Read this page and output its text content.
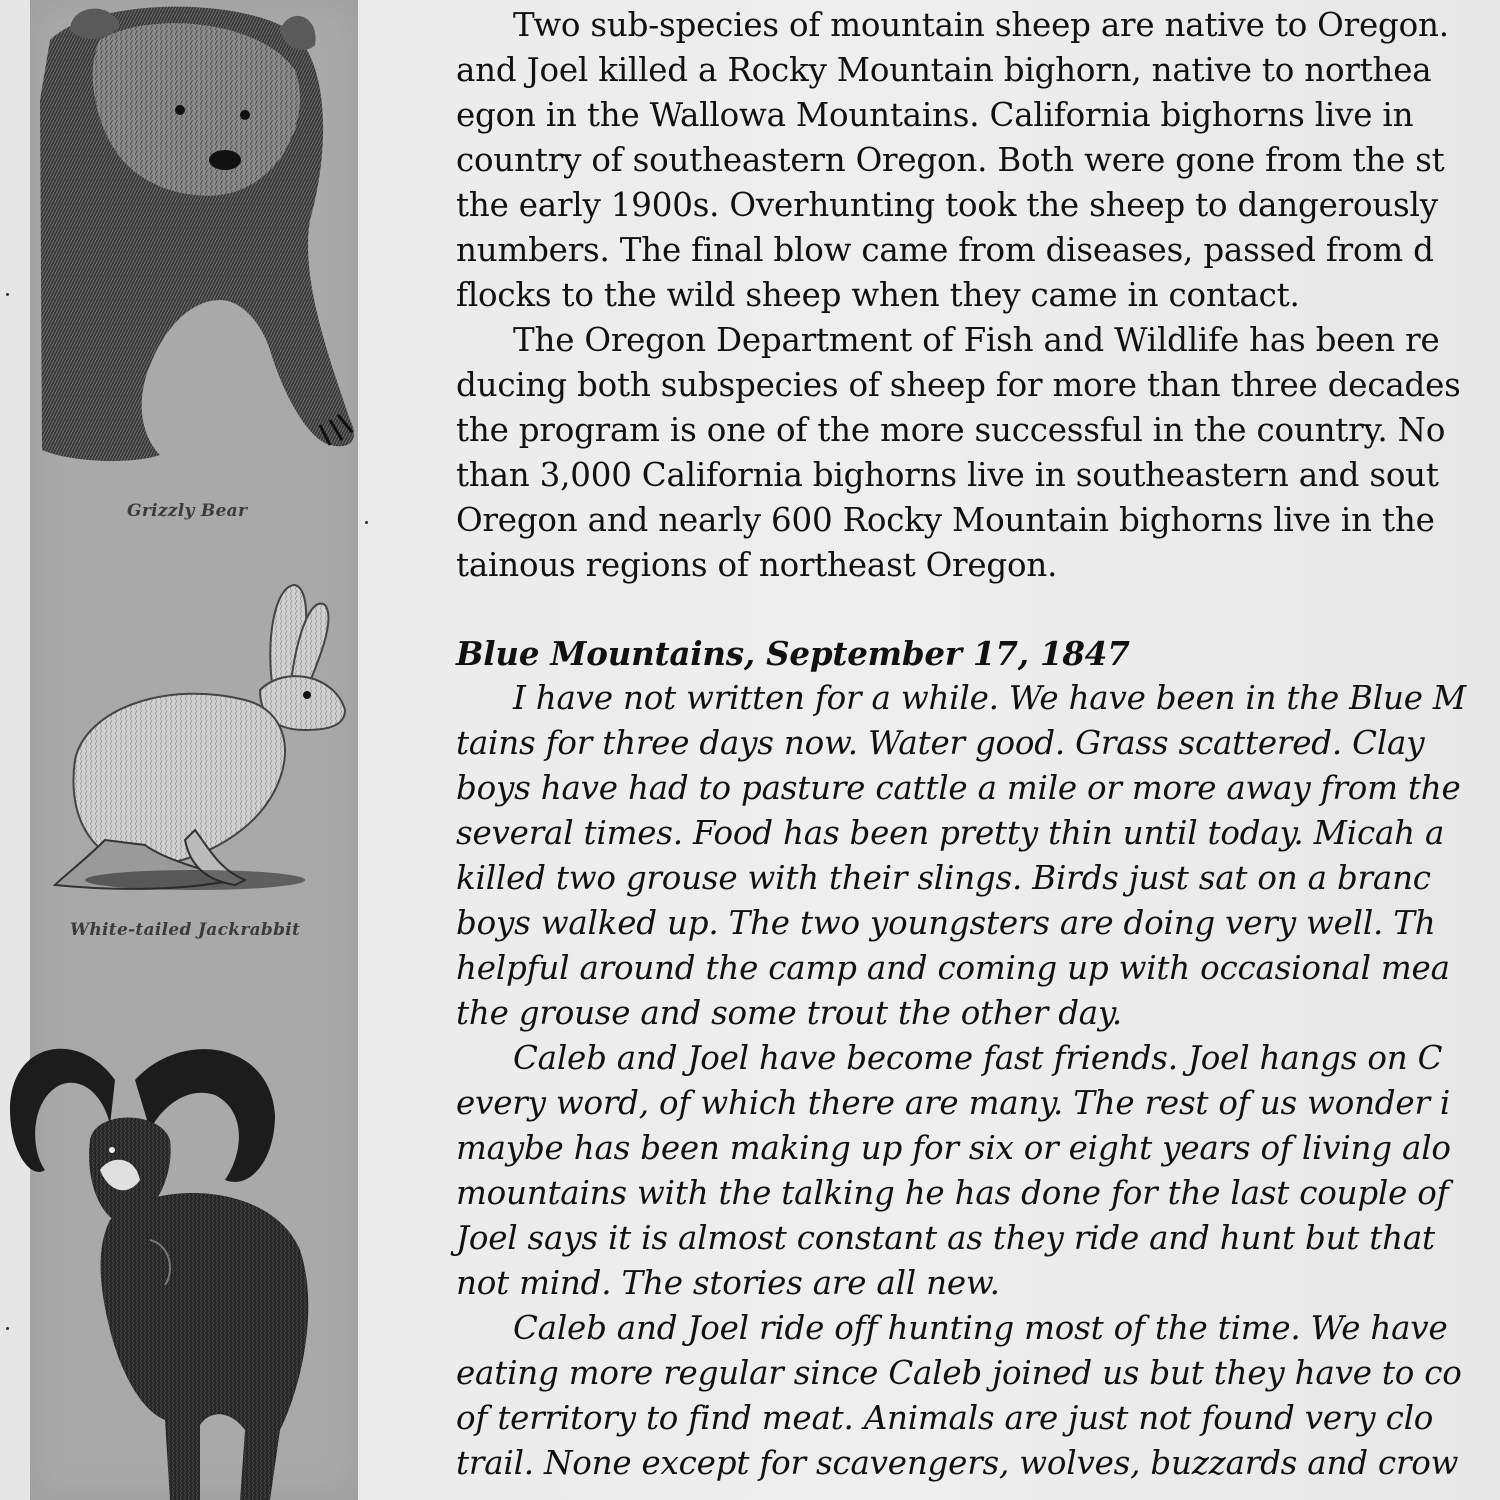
Grizzly Bear
White-tailed Jackrabbit
Two sub-species of mountain sheep are native to Oregon.
and Joel killed a Rocky Mountain bighorn, native to northea
egon in the Wallowa Mountains. California bighorns live in
country of southeastern Oregon. Both were gone from the st
the early 1900s. Overhunting took the sheep to dangerously
numbers. The final blow came from diseases, passed from d
flocks to the wild sheep when they came in contact.
The Oregon Department of Fish and Wildlife has been re
ducing both subspecies of sheep for more than three decades
the program is one of the more successful in the country. No
than 3,000 California bighorns live in southeastern and sout
Oregon and nearly 600 Rocky Mountain bighorns live in the
tainous regions of northeast Oregon.
Blue Mountains, September 17, 1847
I have not written for a while. We have been in the Blue M
tains for three days now. Water good. Grass scattered. Clay
boys have had to pasture cattle a mile or more away from the
several times. Food has been pretty thin until today. Micah a
killed two grouse with their slings. Birds just sat on a branc
boys walked up. The two youngsters are doing very well. Th
helpful around the camp and coming up with occasional mea
the grouse and some trout the other day.
Caleb and Joel have become fast friends. Joel hangs on C
every word, of which there are many. The rest of us wonder i
maybe has been making up for six or eight years of living alo
mountains with the talking he has done for the last couple of
Joel says it is almost constant as they ride and hunt but that
not mind. The stories are all new.
Caleb and Joel ride off hunting most of the time. We have
eating more regular since Caleb joined us but they have to co
of territory to find meat. Animals are just not found very clo
trail. None except for scavengers, wolves, buzzards and crow
